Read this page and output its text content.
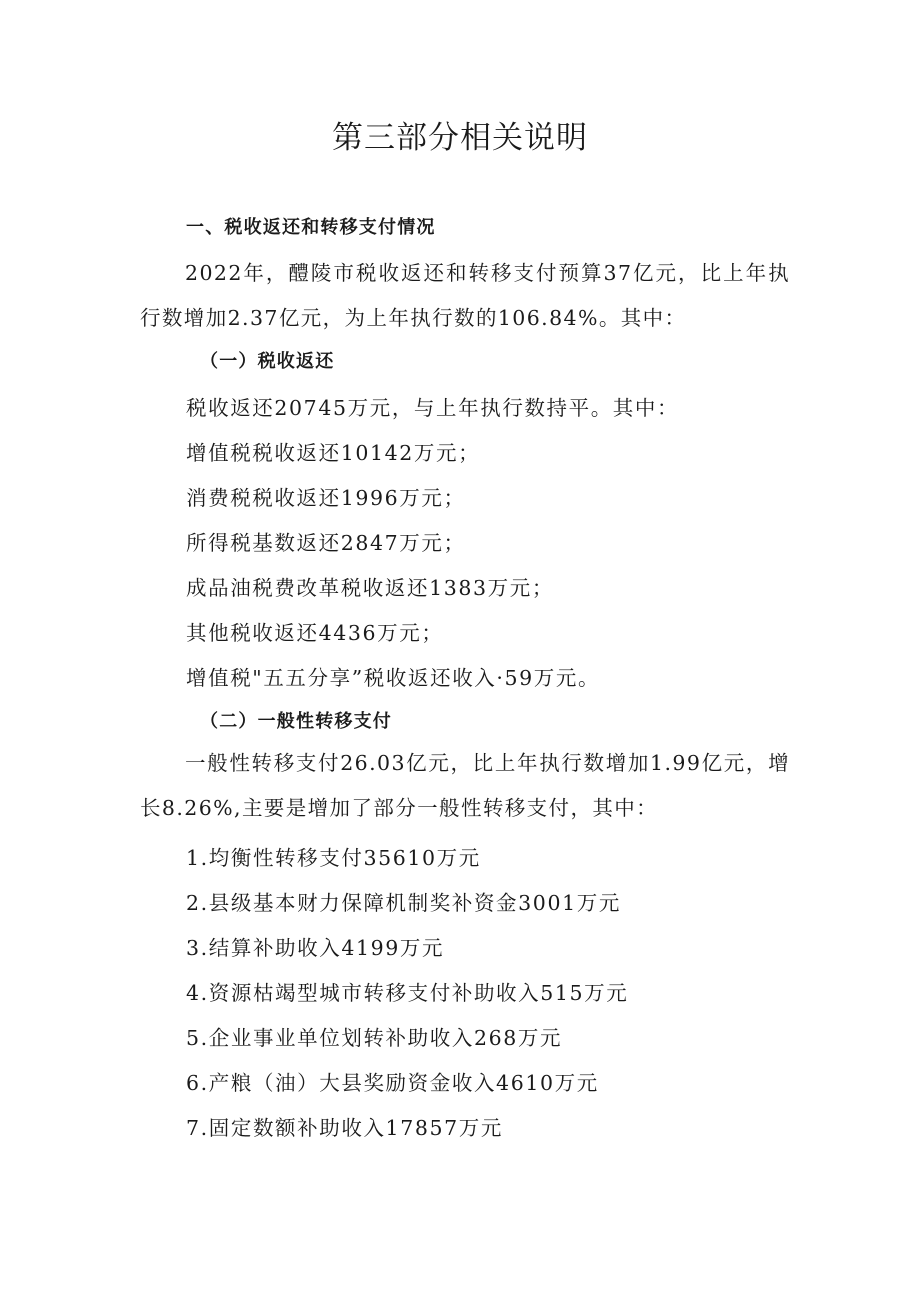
第三部分相关说明

一、税收返还和转移支付情况

2022年，醴陵市税收返还和转移支付预算37亿元，比上年执行数增加2.37亿元，为上年执行数的106.84%。其中：

（一）税收返还

税收返还20745万元，与上年执行数持平。其中：

增值税税收返还10142万元；

消费税税收返还1996万元；

所得税基数返还2847万元；

成品油税费改革税收返还1383万元；

其他税收返还4436万元；

增值税"五五分享”税收返还收入·59万元。

（二）一般性转移支付

一般性转移支付26.03亿元，比上年执行数增加1.99亿元，增长8.26%,主要是增加了部分一般性转移支付，其中：

1.均衡性转移支付35610万元

2.县级基本财力保障机制奖补资金3001万元

3.结算补助收入4199万元

4.资源枯竭型城市转移支付补助收入515万元

5.企业事业单位划转补助收入268万元

6.产粮（油）大县奖励资金收入4610万元

7.固定数额补助收入17857万元
